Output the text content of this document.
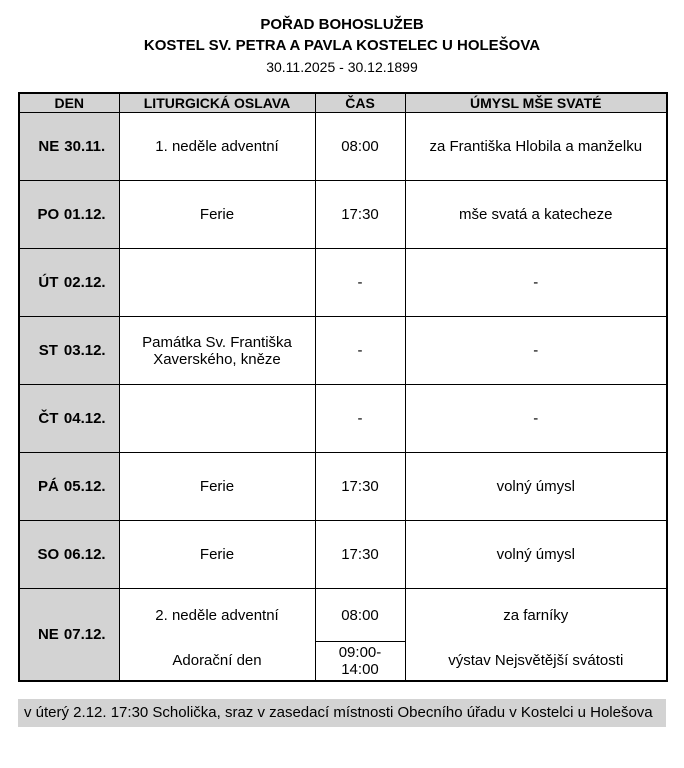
POŘAD BOHOSLUŽEB
KOSTEL SV. PETRA A PAVLA KOSTELEC U HOLEŠOVA
30.11.2025 - 30.12.1899
DEN	LITURGICKÁ OSLAVA	ČAS	ÚMYSL MŠE SVATÉ
NE 30.11.	1. neděle adventní	08:00	za Františka Hlobila a manželku
PO 01.12.	Ferie	17:30	mše svatá a katecheze
ÚT 02.12.		-	-
ST 03.12.	Památka Sv. Františka Xaverského, kněze	-	-
ČT 04.12.		-	-
PÁ 05.12.	Ferie	17:30	volný úmysl
SO 06.12.	Ferie	17:30	volný úmysl
NE 07.12.	2. neděle adventní	08:00	za farníky
	Adorační den	09:00-14:00	výstav Nejsvětější svátosti
v úterý 2.12. 17:30 Scholička, sraz v zasedací místnosti Obecního úřadu v Kostelci u Holešova
